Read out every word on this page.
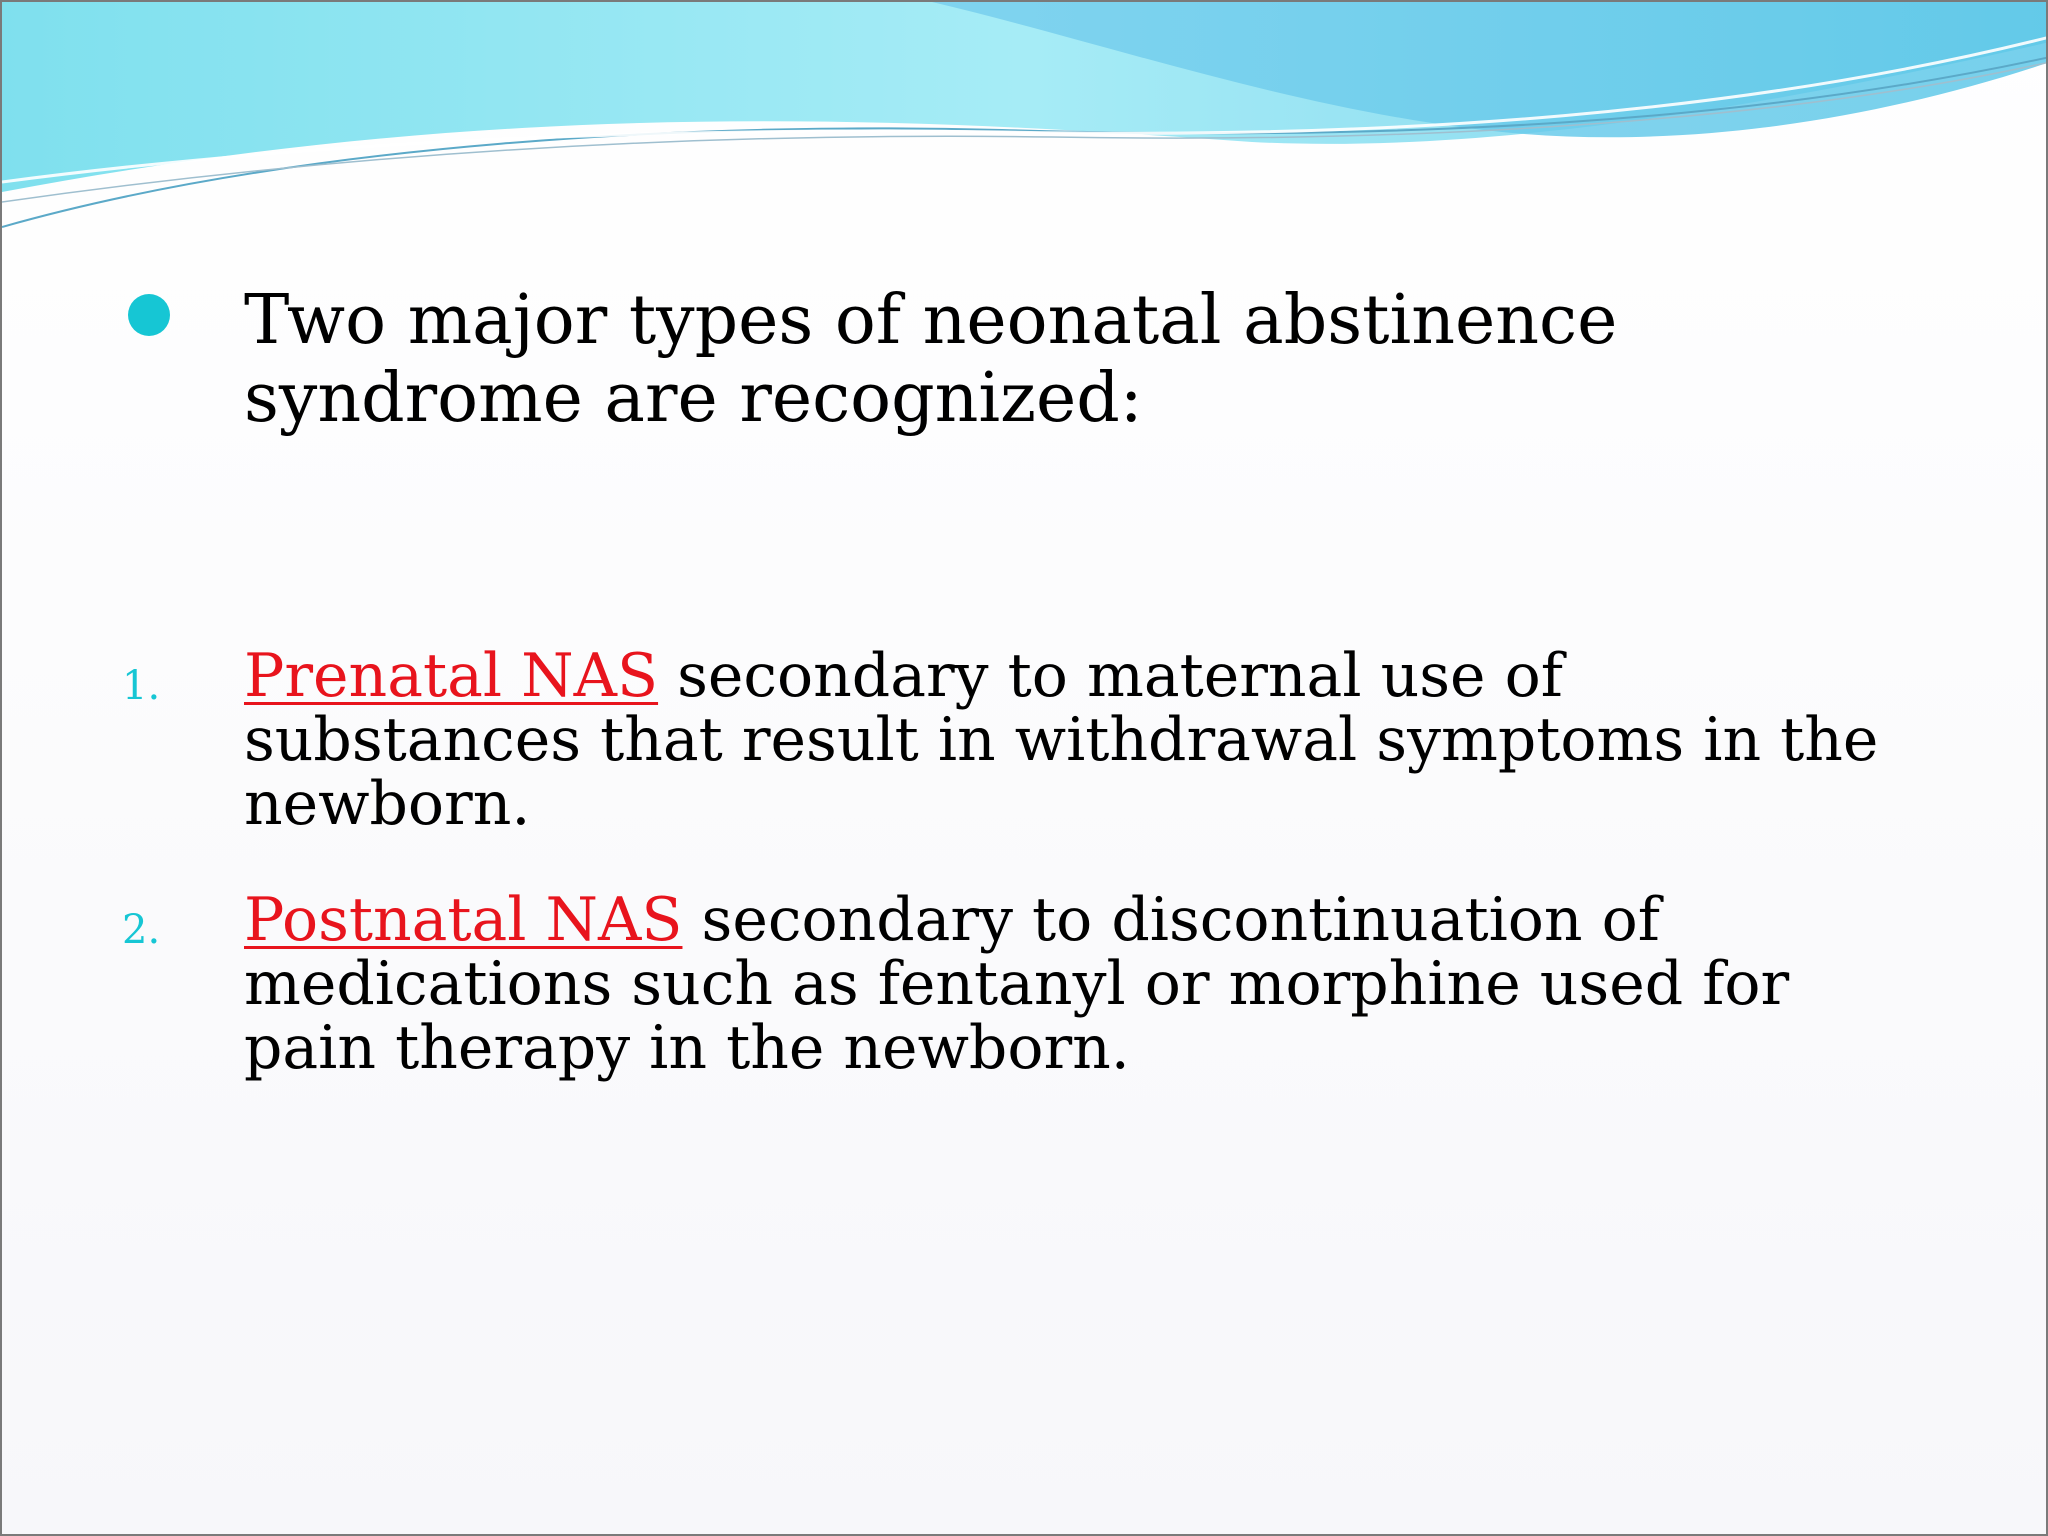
Two major types of neonatal abstinence syndrome are recognized:
1. Prenatal NAS secondary to maternal use of substances that result in withdrawal symptoms in the newborn.
2. Postnatal NAS secondary to discontinuation of medications such as fentanyl or morphine used for pain therapy in the newborn.
